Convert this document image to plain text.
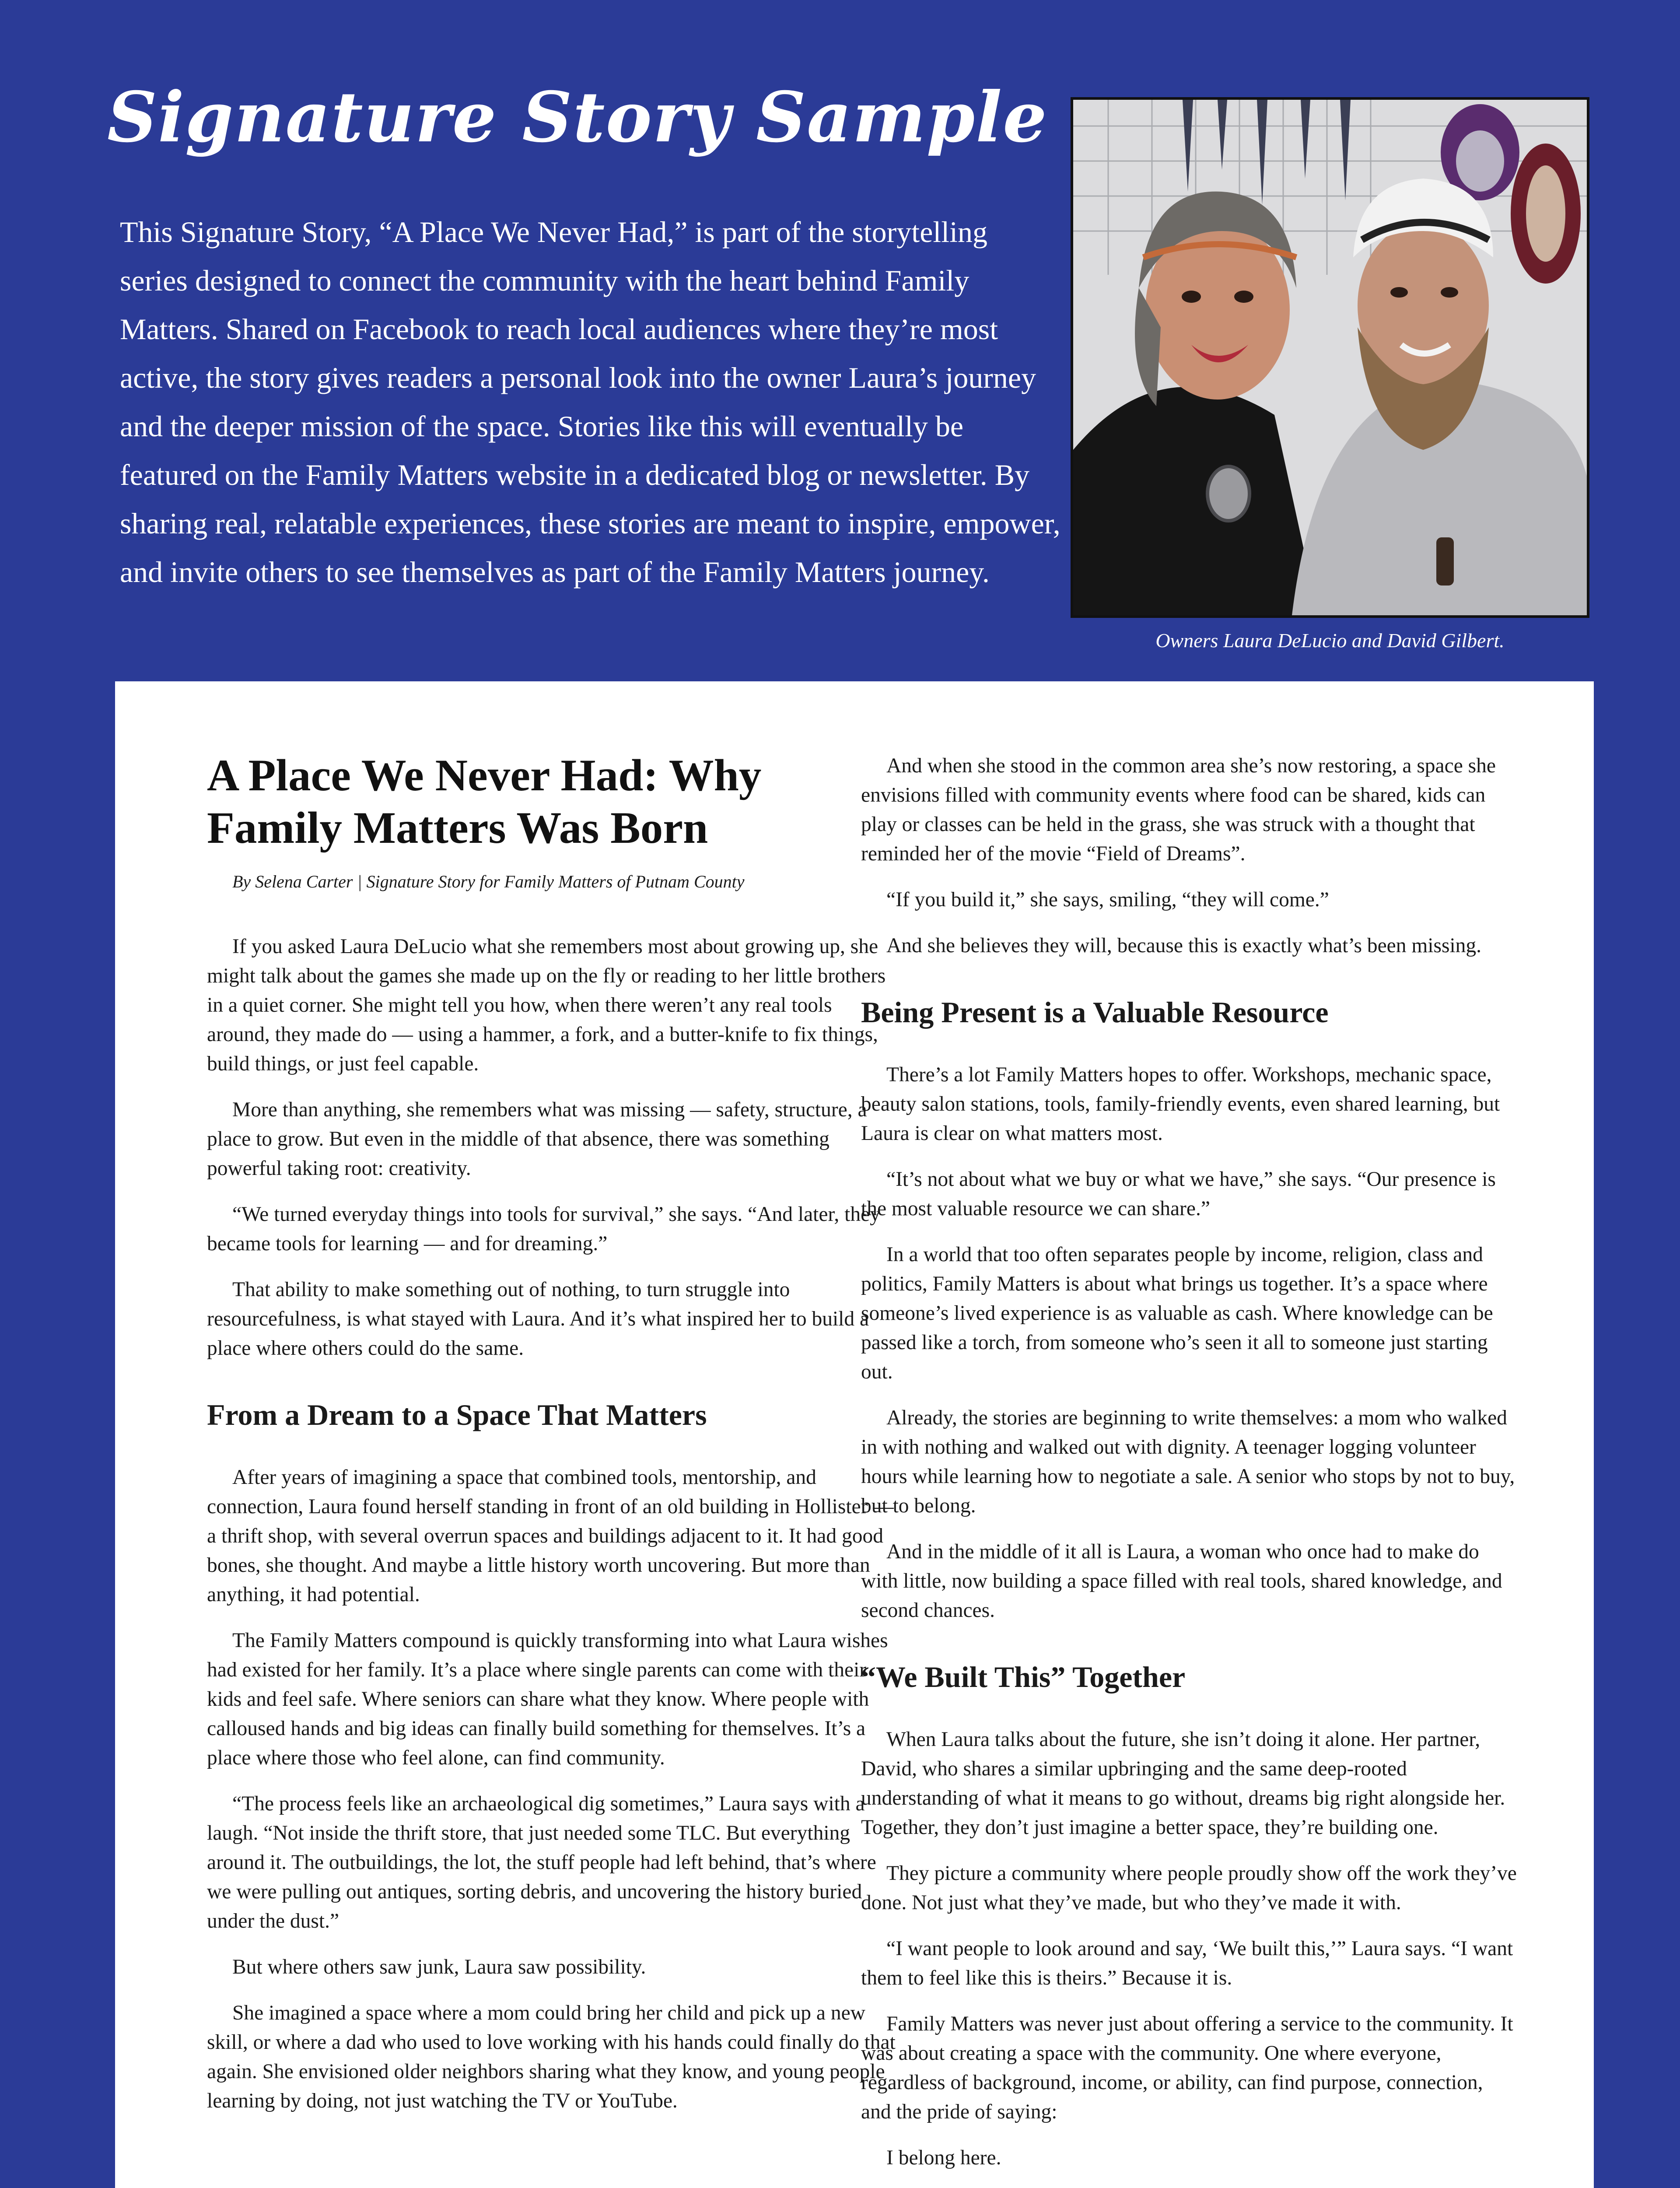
Signature Story Sample

This Signature Story, “A Place We Never Had,” is part of the storytelling series designed to connect the community with the heart behind Family Matters. Shared on Facebook to reach local audiences where they’re most active, the story gives readers a personal look into the owner Laura’s journey and the deeper mission of the space. Stories like this will eventually be featured on the Family Matters website in a dedicated blog or newsletter. By sharing real, relatable experiences, these stories are meant to inspire, empower, and invite others to see themselves as part of the Family Matters journey.

Owners Laura DeLucio and David Gilbert.
A Place We Never Had: Why Family Matters Was Born

By Selena Carter | Signature Story for Family Matters of Putnam County

If you asked Laura DeLucio what she remembers most about growing up, she might talk about the games she made up on the fly or reading to her little brothers in a quiet corner. She might tell you how, when there weren’t any real tools around, they made do — using a hammer, a fork, and a butter-knife to fix things, build things, or just feel capable.

More than anything, she remembers what was missing — safety, structure, a place to grow. But even in the middle of that absence, there was something powerful taking root: creativity.

“We turned everyday things into tools for survival,” she says. “And later, they became tools for learning — and for dreaming.”

That ability to make something out of nothing, to turn struggle into resourcefulness, is what stayed with Laura. And it’s what inspired her to build a place where others could do the same.

From a Dream to a Space That Matters

After years of imagining a space that combined tools, mentorship, and connection, Laura found herself standing in front of an old building in Hollister — a thrift shop, with several overrun spaces and buildings adjacent to it. It had good bones, she thought. And maybe a little history worth uncovering. But more than anything, it had potential.

The Family Matters compound is quickly transforming into what Laura wishes had existed for her family. It’s a place where single parents can come with their kids and feel safe. Where seniors can share what they know. Where people with calloused hands and big ideas can finally build something for themselves. It’s a place where those who feel alone, can find community.

“The process feels like an archaeological dig sometimes,” Laura says with a laugh. “Not inside the thrift store, that just needed some TLC. But everything around it. The outbuildings, the lot, the stuff people had left behind, that’s where we were pulling out antiques, sorting debris, and uncovering the history buried under the dust.”

But where others saw junk, Laura saw possibility.

She imagined a space where a mom could bring her child and pick up a new skill, or where a dad who used to love working with his hands could finally do that again. She envisioned older neighbors sharing what they know, and young people learning by doing, not just watching the TV or YouTube.

And when she stood in the common area she’s now restoring, a space she envisions filled with community events where food can be shared, kids can play or classes can be held in the grass, she was struck with a thought that reminded her of the movie “Field of Dreams”.

“If you build it,” she says, smiling, “they will come.”

And she believes they will, because this is exactly what’s been missing.

Being Present is a Valuable Resource

There’s a lot Family Matters hopes to offer. Workshops, mechanic space, beauty salon stations, tools, family-friendly events, even shared learning, but Laura is clear on what matters most.

“It’s not about what we buy or what we have,” she says. “Our presence is the most valuable resource we can share.”

In a world that too often separates people by income, religion, class and politics, Family Matters is about what brings us together. It’s a space where someone’s lived experience is as valuable as cash. Where knowledge can be passed like a torch, from someone who’s seen it all to someone just starting out.

Already, the stories are beginning to write themselves: a mom who walked in with nothing and walked out with dignity. A teenager logging volunteer hours while learning how to negotiate a sale. A senior who stops by not to buy, but to belong.

And in the middle of it all is Laura, a woman who once had to make do with little, now building a space filled with real tools, shared knowledge, and second chances.

“We Built This” Together

When Laura talks about the future, she isn’t doing it alone. Her partner, David, who shares a similar upbringing and the same deep-rooted understanding of what it means to go without, dreams big right alongside her. Together, they don’t just imagine a better space, they’re building one.

They picture a community where people proudly show off the work they’ve done. Not just what they’ve made, but who they’ve made it with.

“I want people to look around and say, ‘We built this,’” Laura says. “I want them to feel like this is theirs.” Because it is.

Family Matters was never just about offering a service to the community. It was about creating a space with the community. One where everyone, regardless of background, income, or ability, can find purpose, connection, and the pride of saying:

I belong here.
